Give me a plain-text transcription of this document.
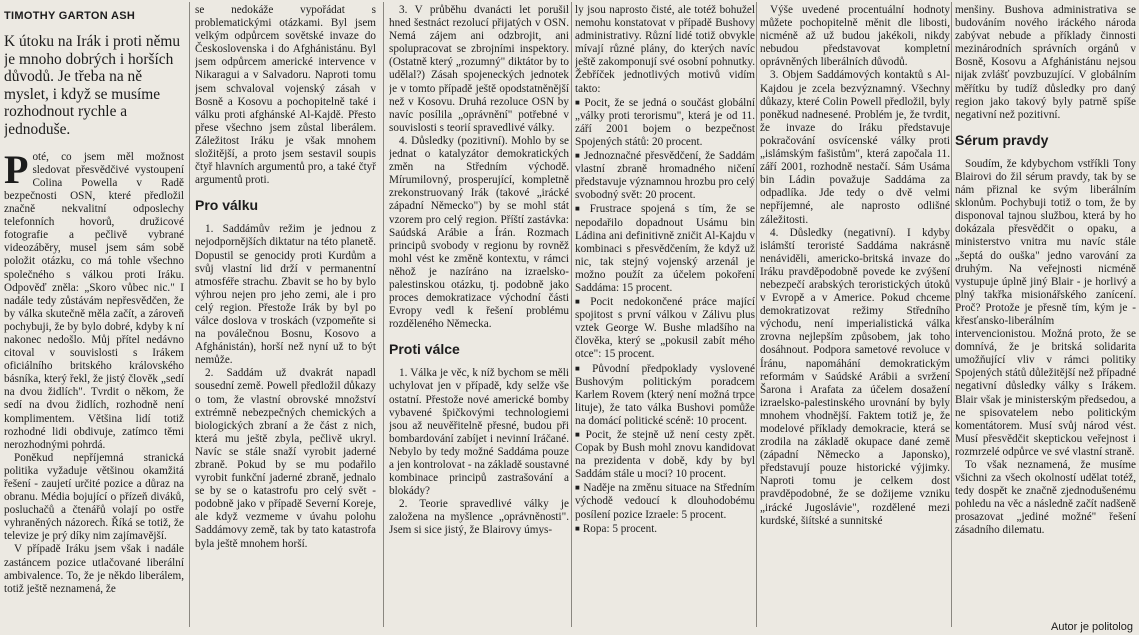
TIMOTHY GARTON ASH
K útoku na Irák i proti němu je mnoho dobrých i horších důvodů. Je třeba na ně myslet, i když se musíme rozhodnout rychle a jednoduše.

Poté, co jsem měl možnost sledovat přesvědčivé vystoupení Colina Powella v Radě bezpečnosti OSN, které předložil značně nekvalitní odposlechy telefonních hovorů, družicové fotografie a pečlivě vybrané videozáběry, musel jsem sám sobě položit otázku, co má tohle všechno společného s válkou proti Iráku. Odpověď zněla: „Skoro vůbec nic." I nadále tedy zůstávám nepřesvědčen, že by válka skutečně měla začít, a zároveň pochybuji, že by bylo dobré, kdyby k ní nakonec nedošlo. Můj přítel nedávno citoval v souvislosti s Irákem oficiálního britského královského básníka, který řekl, že jistý člověk „sedí na dvou židlích". Tvrdit o někom, že sedí na dvou židlích, rozhodně není komplimentem. Většina lidí totiž rozhodné lidi obdivuje, zatímco těmi nerozhodnými pohrdá.

Poněkud nepříjemná stranická politika vyžaduje většinou okamžitá řešení - zaujetí určité pozice a důraz na obranu. Média bojující o přízeň diváků, posluchačů a čtenářů volají po ostře vyhraněných názorech. Říká se totiž, že televize je prý díky nim zajímavější.

V případě Iráku jsem však i nadále zastáncem pozice utlačované liberální ambivalence. To, že je někdo liberálem, totiž ještě neznamená, že

se nedokáže vypořádat s problematickými otázkami. Byl jsem velkým odpůrcem sovětské invaze do Československa i do Afghánistánu. Byl jsem odpůrcem americké intervence v Nikaragui a v Salvadoru. Naproti tomu jsem schvaloval vojenský zásah v Bosně a Kosovu a pochopitelně také i válku proti afghánské Al-Kajdě. Přesto přese všechno jsem zůstal liberálem. Záležitost Iráku je však mnohem složitější, a proto jsem sestavil soupis čtyř hlavních argumentů pro, a také čtyř argumentů proti.

Pro válku

1. Saddámův režim je jednou z nejodpornějších diktatur na této planetě. Dopustil se genocidy proti Kurdům a svůj vlastní lid drží v permanentní atmosféře strachu. Zbavit se ho by bylo výhrou nejen pro jeho zemi, ale i pro celý region. Přestože Irák by byl po válce doslova v troskách (vzpomeňte si na poválečnou Bosnu, Kosovo a Afghánistán), horší než nyní už to být nemůže.

2. Saddám už dvakrát napadl sousední země. Powell předložil důkazy o tom, že vlastní obrovské množství extrémně nebezpečných chemických a biologických zbraní a že část z nich, která mu ještě zbyla, pečlivě ukryl. Navíc se stále snaží vyrobit jaderné zbraně. Pokud by se mu podařilo vyrobit funkční jaderné zbraně, jednalo se by se o katastrofu pro celý svět - podobně jako v případě Severní Koreje, ale když vezmeme v úvahu polohu Saddámovy země, tak by tato katastrofa byla ještě mnohem horší.

3. V průběhu dvanácti let porušil hned šestnáct rezolucí přijatých v OSN. Nemá zájem ani odzbrojit, ani spolupracovat se zbrojními inspektory. (Ostatně který „rozumný" diktátor by to udělal?) Zásah spojeneckých jednotek je v tomto případě ještě opodstatněnější než v Kosovu. Druhá rezoluce OSN by navíc posílila „oprávnění" potřebné v souvislosti s teorií spravedlivé války.

4. Důsledky (pozitivní). Mohlo by se jednat o katalyzátor demokratických změn na Středním východě. Mírumilovný, prosperující, kompletně zrekonstruovaný Irák (takové „irácké západní Německo") by se mohl stát vzorem pro celý region. Příští zastávka: Saúdská Arábie a Írán. Rozmach principů svobody v regionu by rovněž mohl vést ke změně kontextu, v rámci něhož je nazíráno na izraelsko-palestinskou otázku, tj. podobně jako proces demokratizace východní části Evropy vedl k řešení problému rozděleného Německa.

Proti válce

1. Válka je věc, k níž bychom se měli uchylovat jen v případě, kdy selže vše ostatní. Přestože nové americké bomby vybavené špičkovými technologiemi jsou až neuvěřitelně přesné, budou při bombardování zabíjet i nevinní Iráčané. Nebylo by tedy možné Saddáma pouze a jen kontrolovat - na základě soustavné kombinace principů zastrašování a blokády?

2. Teorie spravedlivé války je založena na myšlence „oprávněnosti". Jsem si sice jistý, že Blairovy úmys-

ly jsou naprosto čisté, ale totéž bohužel nemohu konstatovat v případě Bushovy administrativy. Různí lidé totiž obvykle mívají různé plány, do kterých navíc ještě zakomponují své osobní pohnutky. Žebříček jednotlivých motivů vidím takto:

■ Pocit, že se jedná o součást globální „války proti terorismu", která je od 11. září 2001 bojem o bezpečnost Spojených států: 20 procent.

■ Jednoznačné přesvědčení, že Saddám vlastní zbraně hromadného ničení představuje významnou hrozbu pro celý svobodný svět: 20 procent.

■ Frustrace spojená s tím, že se nepodařilo dopadnout Usámu bin Ládina ani definitivně zničit Al-Kajdu v kombinaci s přesvědčením, že když už nic, tak stejný vojenský arzenál je možno použít za účelem pokoření Saddáma: 15 procent.

■ Pocit nedokončené práce mající spojitost s první válkou v Zálivu plus vztek George W. Bushe mladšího na člověka, který se „pokusil zabít mého otce": 15 procent.

■ Původní předpoklady vyslovené Bushovým politickým poradcem Karlem Rovem (který není možná trpce lituje), že tato válka Bushovi pomůže na domácí politické scéně: 10 procent.

■ Pocit, že stejně už není cesty zpět. Copak by Bush mohl znovu kandidovat na prezidenta v době, kdy by byl Saddám stále u moci? 10 procent.

■ Naděje na změnu situace na Středním východě vedoucí k dlouhodobému posílení pozice Izraele: 5 procent.

■ Ropa: 5 procent.

Výše uvedené procentuální hodnoty můžete pochopitelně měnit dle libosti, nicméně až už budou jakékoli, nikdy nebudou představovat kompletní oprávněných liberálních důvodů.

3. Objem Saddámových kontaktů s Al-Kajdou je zcela bezvýznamný. Všechny důkazy, které Colin Powell předložil, byly poněkud nadnesené. Problém je, že tvrdit, že invaze do Iráku představuje pokračování osvícenské války proti „islámským fašistům", která započala 11. září 2001, rozhodně nestačí. Sám Usáma bin Ládin považuje Saddáma za odpadlíka. Jde tedy o dvě velmi nepříjemné, ale naprosto odlišné záležitosti.

4. Důsledky (negativní). I kdyby islámští teroristé Saddáma nakrásně nenáviděli, americko-britská invaze do Iráku pravděpodobně povede ke zvýšení nebezpečí arabských teroristických útoků v Evropě a v Americe. Pokud chceme demokratizovat režimy Středního východu, není imperialistická válka zrovna nejlepším způsobem, jak toho dosáhnout. Podpora sametové revoluce v Íránu, napomáhání demokratickým reformám v Saúdské Arábii a svržení Šarona i Arafata za účelem dosažení izraelsko-palestinského urovnání by byly mnohem vhodnější. Faktem totiž je, že modelové příklady demokracie, která se zrodila na základě okupace dané země (západní Německo a Japonsko), představují pouze historické výjimky. Naproti tomu je celkem dost pravděpodobné, že se dožijeme vzniku „irácké Jugoslávie", rozdělené mezi kurdské, šiítské a sunnitské

menšiny. Bushova administrativa se budováním nového iráckého národa zabývat nebude a příklady činnosti mezinárodních správních orgánů v Bosně, Kosovu a Afghánistánu nejsou nijak zvlášť povzbuzující. V globálním měřítku by tudíž důsledky pro daný region jako takový byly patrně spíše negativní než pozitivní.

Sérum pravdy

Soudím, že kdybychom vstříkli Tony Blairovi do žil sérum pravdy, tak by se nám přiznal ke svým liberálním sklonům. Pochybuji totiž o tom, že by disponoval tajnou službou, která by ho dokázala přesvědčit o opaku, a ministerstvo vnitra mu navíc stále „šeptá do ouška" jedno varování za druhým. Na veřejnosti nicméně vystupuje úplně jiný Blair - je horlivý a plný takřka misionářského zanícení. Proč? Protože je přesně tím, kým je - křesťansko-liberálním intervencionistou. Možná proto, že se domnívá, že je britská solidarita umožňující vliv v rámci politiky Spojených států důležitější než případné negativní důsledky války s Irákem. Blair však je ministerským předsedou, a ne spisovatelem nebo politickým komentátorem. Musí svůj národ vést. Musí přesvědčit skeptickou veřejnost i rozmrzelé odpůrce ve své vlastní straně.

To však neznamená, že musíme všichni za všech okolností udělat totéž, tedy dospět ke značně zjednodušenému pohledu na věc a následně začít nadšeně prosazovat „jediné možné" řešení zásadního dilematu.

Autor je politolog
